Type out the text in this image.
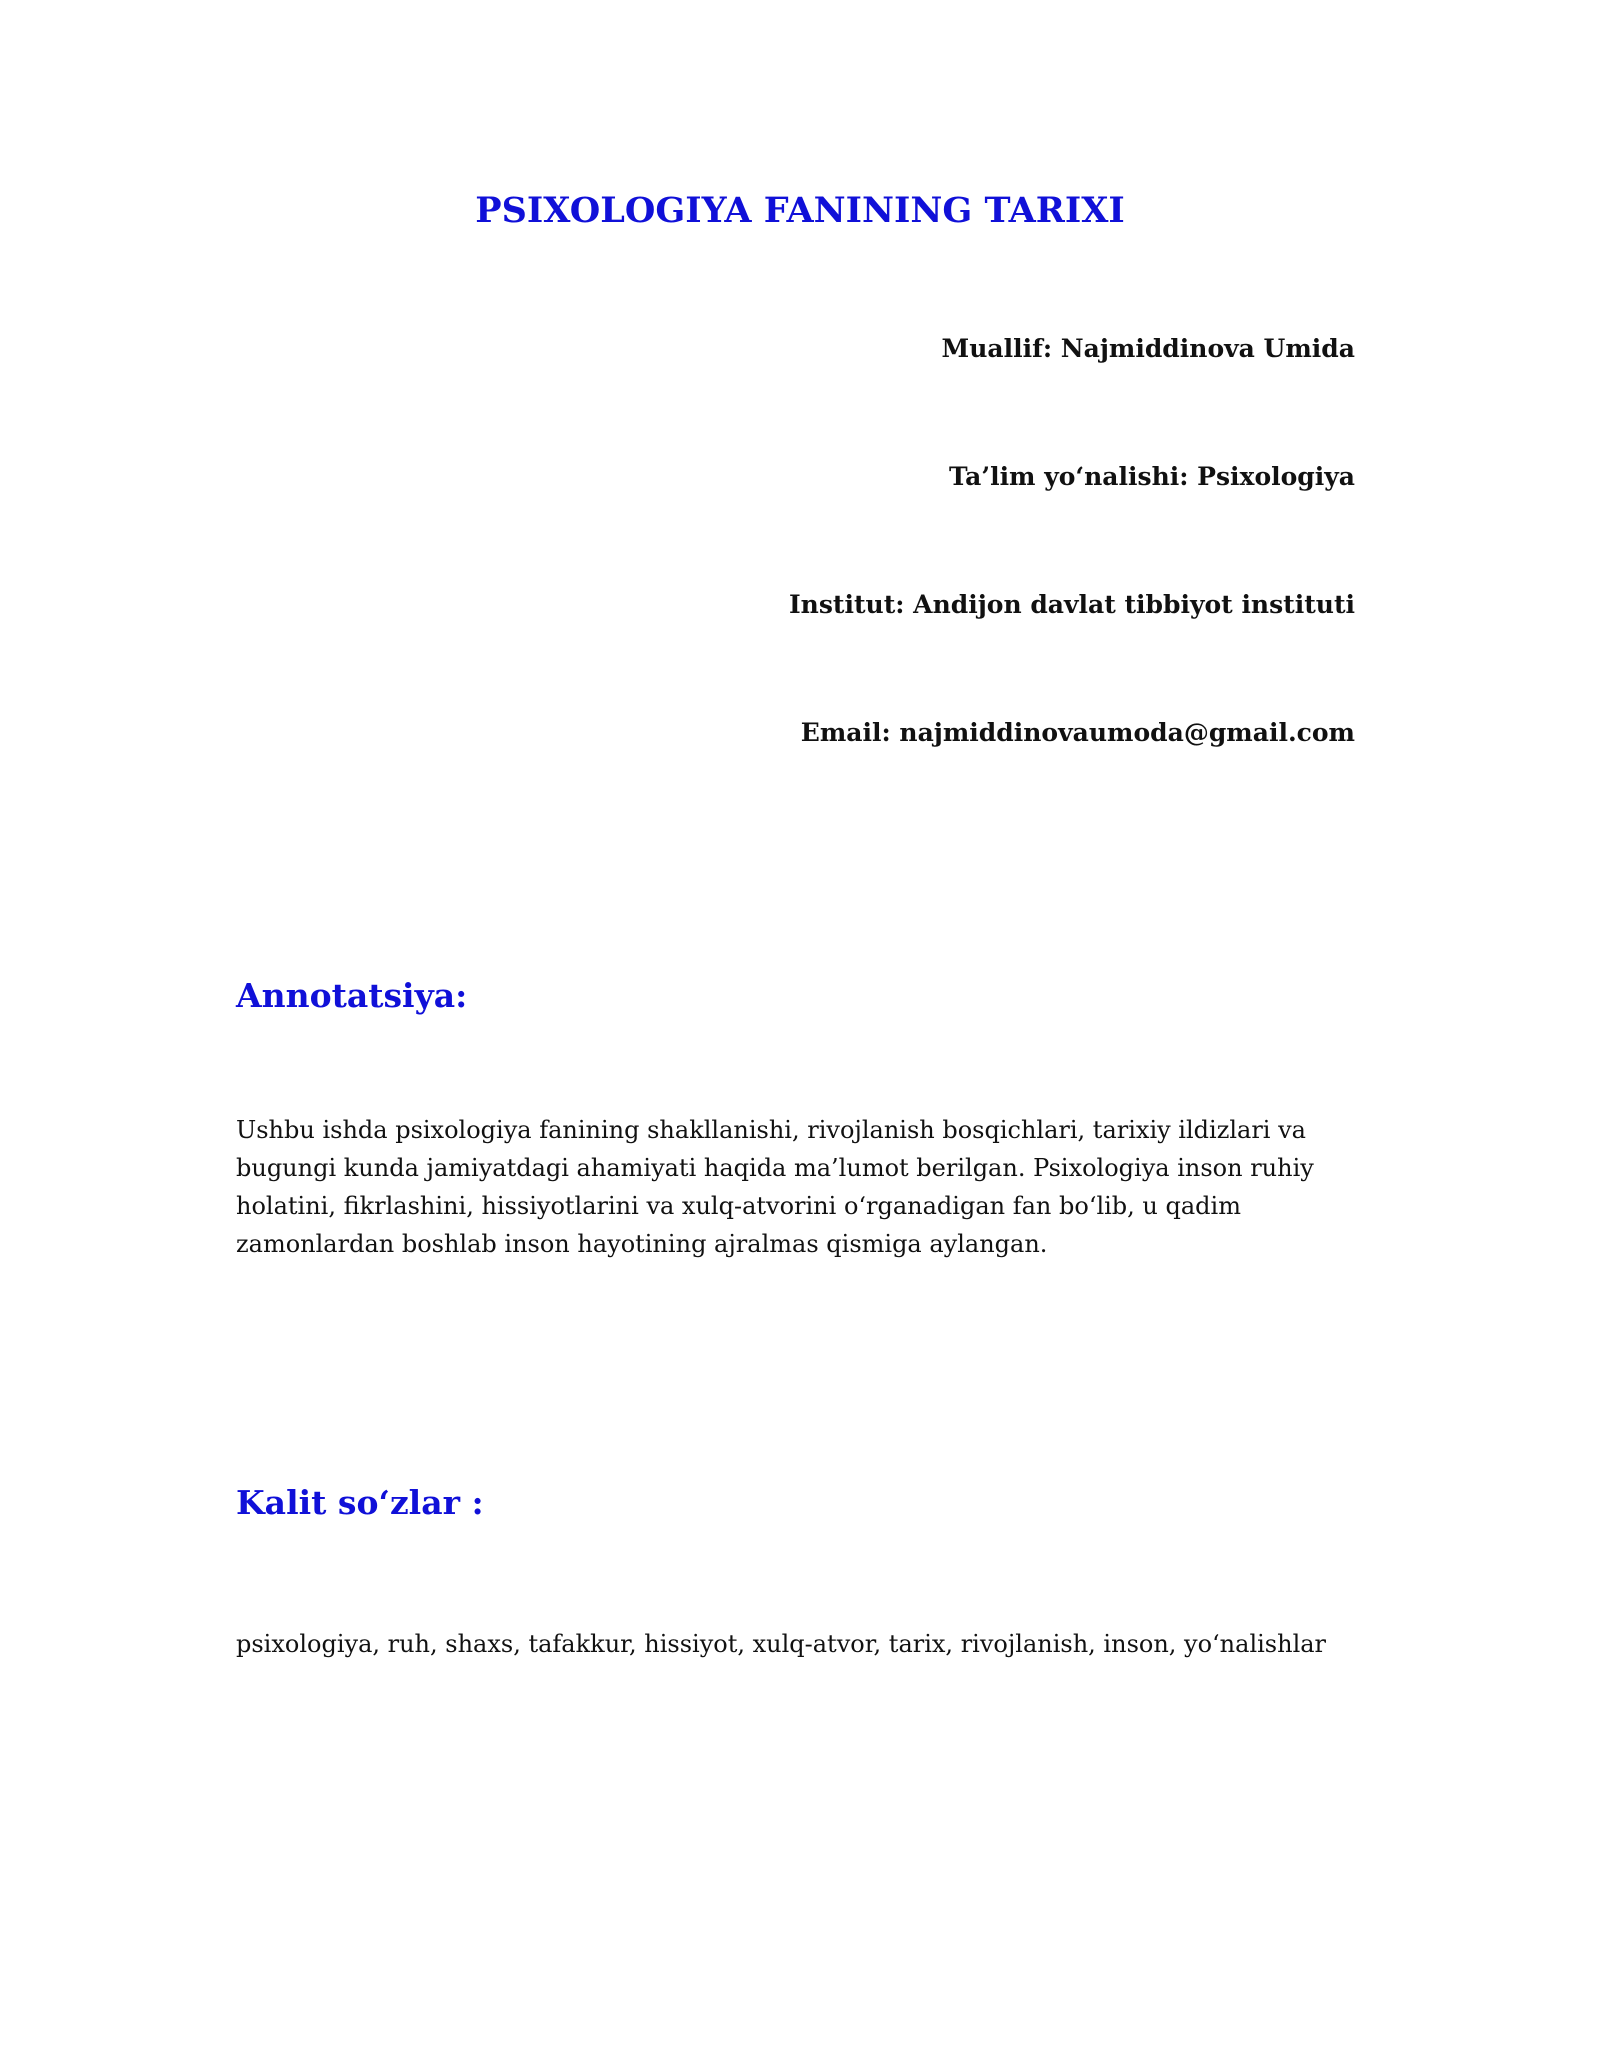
PSIXOLOGIYA FANINING TARIXI

Muallif: Najmiddinova Umida

Ta’lim yo‘nalishi: Psixologiya

Institut: Andijon davlat tibbiyot instituti

Email: najmiddinovaumoda@gmail.com

Annotatsiya:
Ushbu ishda psixologiya fanining shakllanishi, rivojlanish bosqichlari, tarixiy ildizlari va
bugungi kunda jamiyatdagi ahamiyati haqida ma’lumot berilgan. Psixologiya inson ruhiy
holatini, fikrlashini, hissiyotlarini va xulq-atvorini o‘rganadigan fan bo‘lib, u qadim
zamonlardan boshlab inson hayotining ajralmas qismiga aylangan.
Kalit so‘zlar :

psixologiya, ruh, shaxs, tafakkur, hissiyot, xulq-atvor, tarix, rivojlanish, inson, yo‘nalishlar
